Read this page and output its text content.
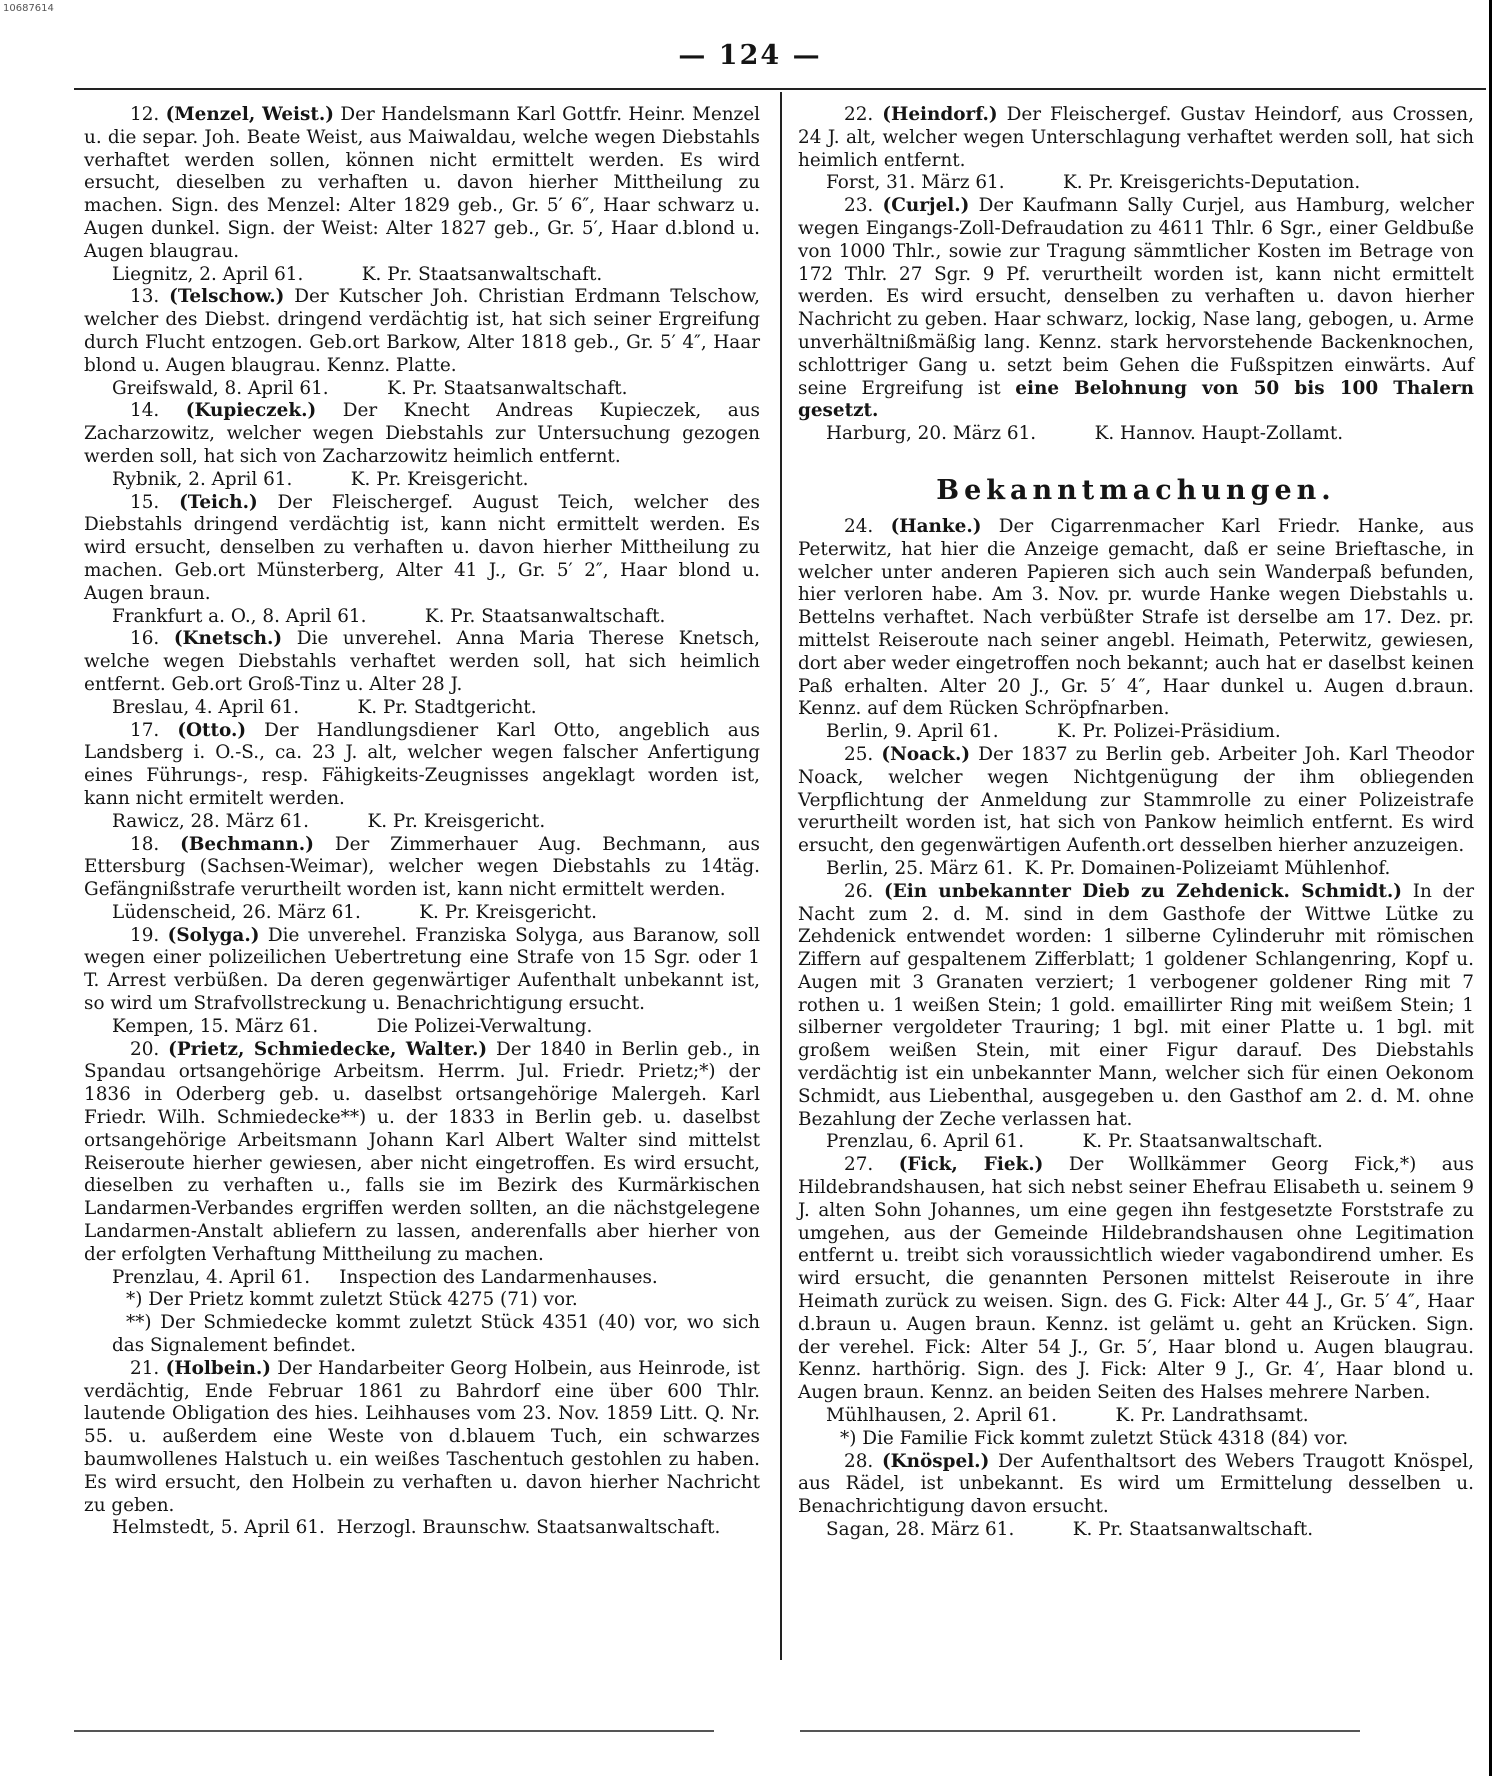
10687614
— 124 —

12. (Menzel, Weist.) Der Handelsmann Karl Gottfr. Heinr. Menzel u. die separ. Joh. Beate Weist, aus Maiwaldau, welche wegen Diebstahls verhaftet werden sollen, können nicht ermittelt werden. Es wird ersucht, dieselben zu verhaften u. davon hierher Mittheilung zu machen. Sign. des Menzel: Alter 1829 geb., Gr. 5′ 6″, Haar schwarz u. Augen dunkel. Sign. der Weist: Alter 1827 geb., Gr. 5′, Haar d.blond u. Augen blaugrau.

Liegnitz, 2. April 61.          K. Pr. Staatsanwaltschaft.

13. (Telschow.) Der Kutscher Joh. Christian Erdmann Telschow, welcher des Diebst. dringend verdächtig ist, hat sich seiner Ergreifung durch Flucht entzogen. Geb.ort Barkow, Alter 1818 geb., Gr. 5′ 4″, Haar blond u. Augen blaugrau. Kennz. Platte.

Greifswald, 8. April 61.          K. Pr. Staatsanwaltschaft.

14. (Kupieczek.) Der Knecht Andreas Kupieczek, aus Zacharzowitz, welcher wegen Diebstahls zur Untersuchung gezogen werden soll, hat sich von Zacharzowitz heimlich entfernt.

Rybnik, 2. April 61.          K. Pr. Kreisgericht.

15. (Teich.) Der Fleischergef. August Teich, welcher des Diebstahls dringend verdächtig ist, kann nicht ermittelt werden. Es wird ersucht, denselben zu verhaften u. davon hierher Mittheilung zu machen. Geb.ort Münsterberg, Alter 41 J., Gr. 5′ 2″, Haar blond u. Augen braun.

Frankfurt a. O., 8. April 61.          K. Pr. Staatsanwaltschaft.

16. (Knetsch.) Die unverehel. Anna Maria Therese Knetsch, welche wegen Diebstahls verhaftet werden soll, hat sich heimlich entfernt. Geb.ort Groß-Tinz u. Alter 28 J.

Breslau, 4. April 61.          K. Pr. Stadtgericht.

17. (Otto.) Der Handlungsdiener Karl Otto, angeblich aus Landsberg i. O.-S., ca. 23 J. alt, welcher wegen falscher Anfertigung eines Führungs-, resp. Fähigkeits-Zeugnisses angeklagt worden ist, kann nicht ermitelt werden.

Rawicz, 28. März 61.          K. Pr. Kreisgericht.

18. (Bechmann.) Der Zimmerhauer Aug. Bechmann, aus Ettersburg (Sachsen-Weimar), welcher wegen Diebstahls zu 14täg. Gefängnißstrafe verurtheilt worden ist, kann nicht ermittelt werden.

Lüdenscheid, 26. März 61.          K. Pr. Kreisgericht.

19. (Solyga.) Die unverehel. Franziska Solyga, aus Baranow, soll wegen einer polizeilichen Uebertretung eine Strafe von 15 Sgr. oder 1 T. Arrest verbüßen. Da deren gegenwärtiger Aufenthalt unbekannt ist, so wird um Strafvollstreckung u. Benachrichtigung ersucht.

Kempen, 15. März 61.          Die Polizei-Verwaltung.

20. (Prietz, Schmiedecke, Walter.) Der 1840 in Berlin geb., in Spandau ortsangehörige Arbeitsm. Herrm. Jul. Friedr. Prietz;*) der 1836 in Oderberg geb. u. daselbst ortsangehörige Malergeh. Karl Friedr. Wilh. Schmiedecke**) u. der 1833 in Berlin geb. u. daselbst ortsangehörige Arbeitsmann Johann Karl Albert Walter sind mittelst Reiseroute hierher gewiesen, aber nicht eingetroffen. Es wird ersucht, dieselben zu verhaften u., falls sie im Bezirk des Kurmärkischen Landarmen-Verbandes ergriffen werden sollten, an die nächstgelegene Landarmen-Anstalt abliefern zu lassen, anderenfalls aber hierher von der erfolgten Verhaftung Mittheilung zu machen.

Prenzlau, 4. April 61.     Inspection des Landarmenhauses.

*) Der Prietz kommt zuletzt Stück 4275 (71) vor.

**) Der Schmiedecke kommt zuletzt Stück 4351 (40) vor, wo sich das Signalement befindet.

21. (Holbein.) Der Handarbeiter Georg Holbein, aus Heinrode, ist verdächtig, Ende Februar 1861 zu Bahrdorf eine über 600 Thlr. lautende Obligation des hies. Leihhauses vom 23. Nov. 1859 Litt. Q. Nr. 55. u. außerdem eine Weste von d.blauem Tuch, ein schwarzes baumwollenes Halstuch u. ein weißes Taschentuch gestohlen zu haben. Es wird ersucht, den Holbein zu verhaften u. davon hierher Nachricht zu geben.

Helmstedt, 5. April 61.  Herzogl. Braunschw. Staatsanwaltschaft.

22. (Heindorf.) Der Fleischergef. Gustav Heindorf, aus Crossen, 24 J. alt, welcher wegen Unterschlagung verhaftet werden soll, hat sich heimlich entfernt.

Forst, 31. März 61.          K. Pr. Kreisgerichts-Deputation.

23. (Curjel.) Der Kaufmann Sally Curjel, aus Hamburg, welcher wegen Eingangs-Zoll-Defraudation zu 4611 Thlr. 6 Sgr., einer Geldbuße von 1000 Thlr., sowie zur Tragung sämmtlicher Kosten im Betrage von 172 Thlr. 27 Sgr. 9 Pf. verurtheilt worden ist, kann nicht ermittelt werden. Es wird ersucht, denselben zu verhaften u. davon hierher Nachricht zu geben. Haar schwarz, lockig, Nase lang, gebogen, u. Arme unverhältnißmäßig lang. Kennz. stark hervorstehende Backenknochen, schlottriger Gang u. setzt beim Gehen die Fußspitzen einwärts. Auf seine Ergreifung ist eine Belohnung von 50 bis 100 Thalern gesetzt.

Harburg, 20. März 61.          K. Hannov. Haupt-Zollamt.

Bekanntmachungen.

24. (Hanke.) Der Cigarrenmacher Karl Friedr. Hanke, aus Peterwitz, hat hier die Anzeige gemacht, daß er seine Brieftasche, in welcher unter anderen Papieren sich auch sein Wanderpaß befunden, hier verloren habe. Am 3. Nov. pr. wurde Hanke wegen Diebstahls u. Bettelns verhaftet. Nach verbüßter Strafe ist derselbe am 17. Dez. pr. mittelst Reiseroute nach seiner angebl. Heimath, Peterwitz, gewiesen, dort aber weder eingetroffen noch bekannt; auch hat er daselbst keinen Paß erhalten. Alter 20 J., Gr. 5′ 4″, Haar dunkel u. Augen d.braun. Kennz. auf dem Rücken Schröpfnarben.

Berlin, 9. April 61.          K. Pr. Polizei-Präsidium.

25. (Noack.) Der 1837 zu Berlin geb. Arbeiter Joh. Karl Theodor Noack, welcher wegen Nichtgenügung der ihm obliegenden Verpflichtung der Anmeldung zur Stammrolle zu einer Polizeistrafe verurtheilt worden ist, hat sich von Pankow heimlich entfernt. Es wird ersucht, den gegenwärtigen Aufenth.ort desselben hierher anzuzeigen.

Berlin, 25. März 61.  K. Pr. Domainen-Polizeiamt Mühlenhof.

26. (Ein unbekannter Dieb zu Zehdenick. Schmidt.) In der Nacht zum 2. d. M. sind in dem Gasthofe der Wittwe Lütke zu Zehdenick entwendet worden: 1 silberne Cylinderuhr mit römischen Ziffern auf gespaltenem Zifferblatt; 1 goldener Schlangenring, Kopf u. Augen mit 3 Granaten verziert; 1 verbogener goldener Ring mit 7 rothen u. 1 weißen Stein; 1 gold. emaillirter Ring mit weißem Stein; 1 silberner vergoldeter Trauring; 1 bgl. mit einer Platte u. 1 bgl. mit großem weißen Stein, mit einer Figur darauf. Des Diebstahls verdächtig ist ein unbekannter Mann, welcher sich für einen Oekonom Schmidt, aus Liebenthal, ausgegeben u. den Gasthof am 2. d. M. ohne Bezahlung der Zeche verlassen hat.

Prenzlau, 6. April 61.          K. Pr. Staatsanwaltschaft.

27. (Fick, Fiek.) Der Wollkämmer Georg Fick,*) aus Hildebrandshausen, hat sich nebst seiner Ehefrau Elisabeth u. seinem 9 J. alten Sohn Johannes, um eine gegen ihn festgesetzte Forststrafe zu umgehen, aus der Gemeinde Hildebrandshausen ohne Legitimation entfernt u. treibt sich voraussichtlich wieder vagabondirend umher. Es wird ersucht, die genannten Personen mittelst Reiseroute in ihre Heimath zurück zu weisen. Sign. des G. Fick: Alter 44 J., Gr. 5′ 4″, Haar d.braun u. Augen braun. Kennz. ist gelämt u. geht an Krücken. Sign. der verehel. Fick: Alter 54 J., Gr. 5′, Haar blond u. Augen blaugrau. Kennz. harthörig. Sign. des J. Fick: Alter 9 J., Gr. 4′, Haar blond u. Augen braun. Kennz. an beiden Seiten des Halses mehrere Narben.

Mühlhausen, 2. April 61.          K. Pr. Landrathsamt.

*) Die Familie Fick kommt zuletzt Stück 4318 (84) vor.

28. (Knöspel.) Der Aufenthaltsort des Webers Traugott Knöspel, aus Rädel, ist unbekannt. Es wird um Ermittelung desselben u. Benachrichtigung davon ersucht.

Sagan, 28. März 61.          K. Pr. Staatsanwaltschaft.
